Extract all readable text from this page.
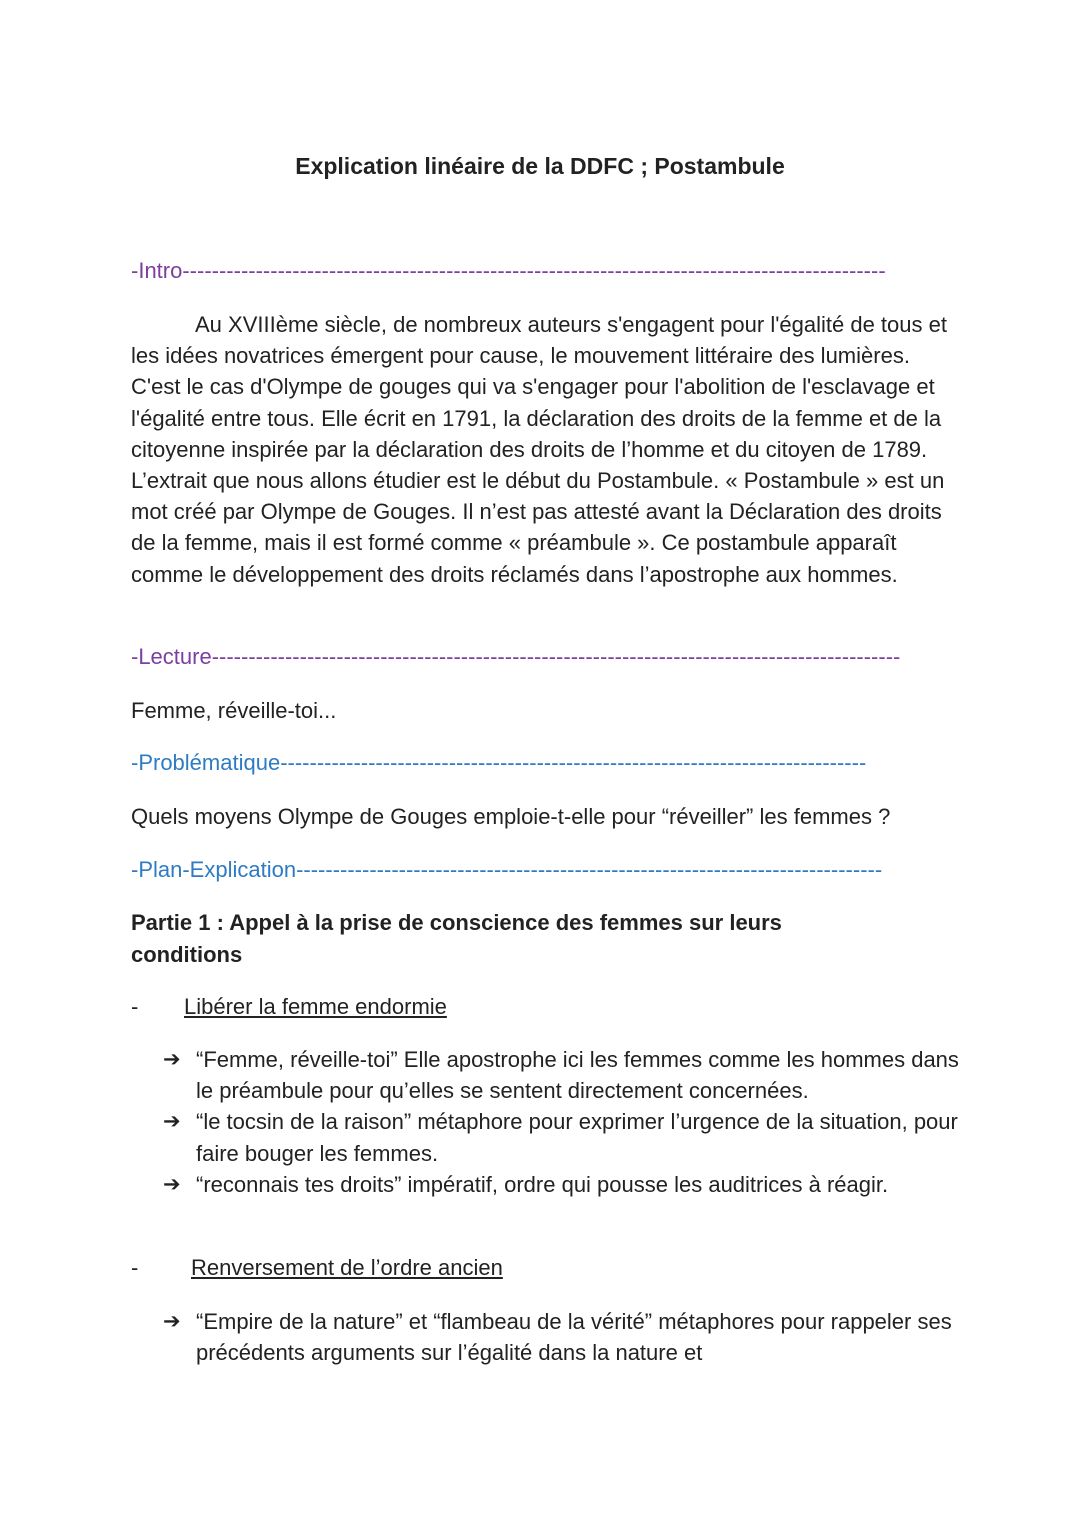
Explication linéaire de la DDFC ; Postambule
-Intro------------------------------------------------------------------------------------------------
Au XVIIIème siècle, de nombreux auteurs s'engagent pour l'égalité de tous et les idées novatrices émergent pour cause, le mouvement littéraire des lumières. C'est le cas d'Olympe de gouges qui va s'engager pour l'abolition de l'esclavage et l'égalité entre tous. Elle écrit en 1791, la déclaration des droits de la femme et de la citoyenne inspirée par la déclaration des droits de l’homme et du citoyen de 1789. L’extrait que nous allons étudier est le début du Postambule. « Postambule » est un mot créé par Olympe de Gouges. Il n’est pas attesté avant la Déclaration des droits de la femme, mais il est formé comme « préambule ». Ce postambule apparaît comme le développement des droits réclamés dans l’apostrophe aux hommes.
-Lecture----------------------------------------------------------------------------------------------
Femme, réveille-toi...
-Problématique--------------------------------------------------------------------------------
Quels moyens Olympe de Gouges emploie-t-elle pour “réveiller” les femmes ?
-Plan-Explication--------------------------------------------------------------------------------
Partie 1 : Appel à la prise de conscience des femmes sur leurs conditions
- Libérer la femme endormie
➔ “Femme, réveille-toi” Elle apostrophe ici les femmes comme les hommes dans le préambule pour qu’elles se sentent directement concernées.
➔ “le tocsin de la raison” métaphore pour exprimer l’urgence de la situation, pour faire bouger les femmes.
➔ “reconnais tes droits” impératif, ordre qui pousse les auditrices à réagir.
- Renversement de l’ordre ancien
➔ “Empire de la nature” et “flambeau de la vérité” métaphores pour rappeler ses précédents arguments sur l’égalité dans la nature et
